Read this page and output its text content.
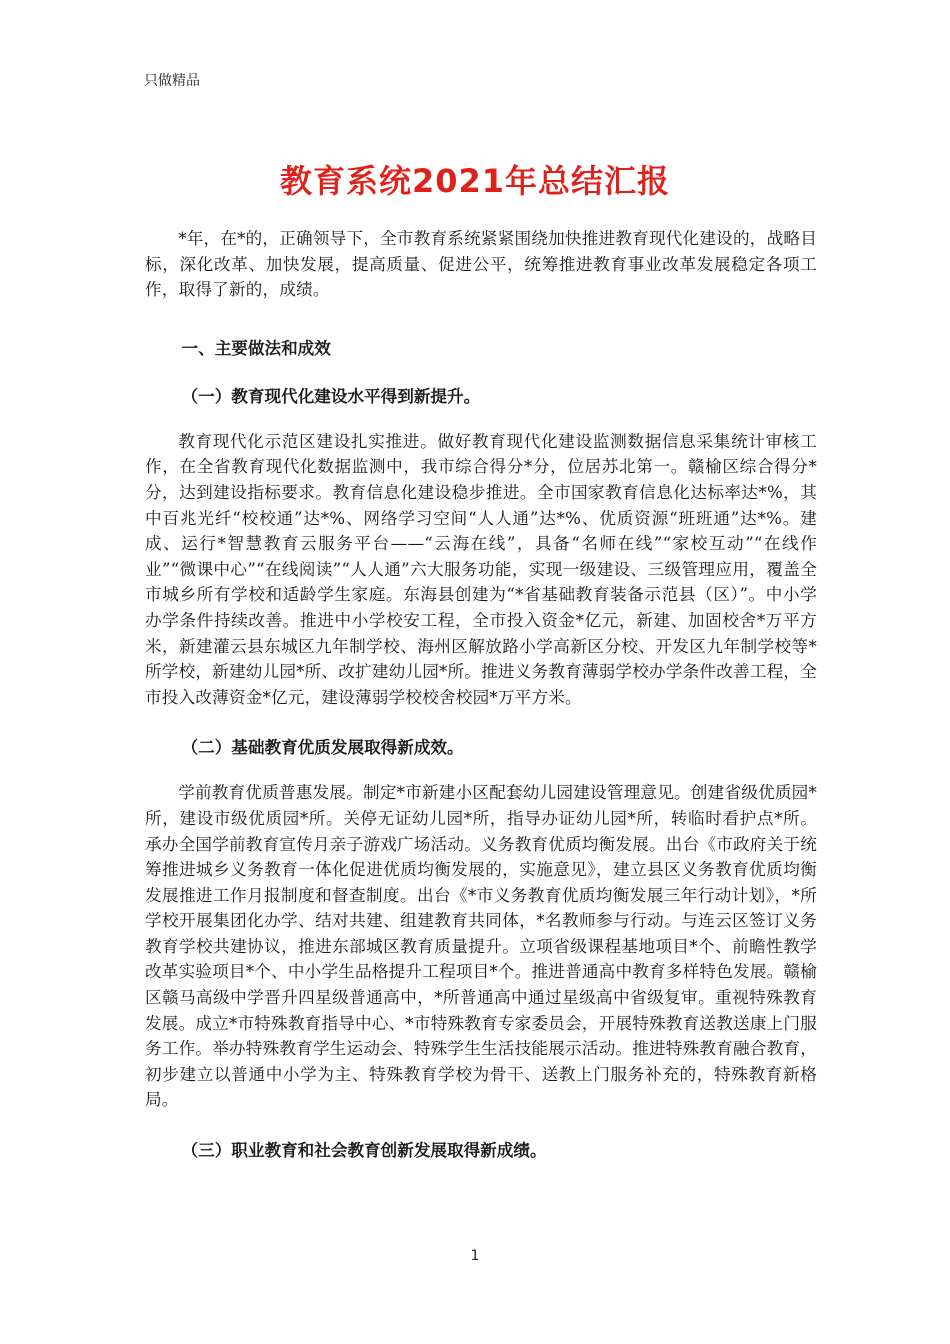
只做精品
教育系统2021年总结汇报

*年，在*的，正确领导下，全市教育系统紧紧围绕加快推进教育现代化建设的，战略目标，深化改革、加快发展，提高质量、促进公平，统筹推进教育事业改革发展稳定各项工作，取得了新的，成绩。

一、主要做法和成效

（一）教育现代化建设水平得到新提升。

教育现代化示范区建设扎实推进。做好教育现代化建设监测数据信息采集统计审核工作，在全省教育现代化数据监测中，我市综合得分*分，位居苏北第一。赣榆区综合得分*分，达到建设指标要求。教育信息化建设稳步推进。全市国家教育信息化达标率达*%，其中百兆光纤“校校通”达*%、网络学习空间“人人通”达*%、优质资源“班班通”达*%。建成、运行*智慧教育云服务平台——“云海在线”，具备“名师在线”“家校互动”“在线作业”“微课中心”“在线阅读”“人人通”六大服务功能，实现一级建设、三级管理应用，覆盖全市城乡所有学校和适龄学生家庭。东海县创建为“*省基础教育装备示范县（区）”。中小学办学条件持续改善。推进中小学校安工程，全市投入资金*亿元，新建、加固校舍*万平方米，新建灌云县东城区九年制学校、海州区解放路小学高新区分校、开发区九年制学校等*所学校，新建幼儿园*所、改扩建幼儿园*所。推进义务教育薄弱学校办学条件改善工程，全市投入改薄资金*亿元，建设薄弱学校校舍校园*万平方米。

（二）基础教育优质发展取得新成效。

学前教育优质普惠发展。制定*市新建小区配套幼儿园建设管理意见。创建省级优质园*所，建设市级优质园*所。关停无证幼儿园*所，指导办证幼儿园*所，转临时看护点*所。承办全国学前教育宣传月亲子游戏广场活动。义务教育优质均衡发展。出台《市政府关于统筹推进城乡义务教育一体化促进优质均衡发展的，实施意见》，建立县区义务教育优质均衡发展推进工作月报制度和督查制度。出台《*市义务教育优质均衡发展三年行动计划》，*所学校开展集团化办学、结对共建、组建教育共同体，*名教师参与行动。与连云区签订义务教育学校共建协议，推进东部城区教育质量提升。立项省级课程基地项目*个、前瞻性教学改革实验项目*个、中小学生品格提升工程项目*个。推进普通高中教育多样特色发展。赣榆区赣马高级中学晋升四星级普通高中，*所普通高中通过星级高中省级复审。重视特殊教育发展。成立*市特殊教育指导中心、*市特殊教育专家委员会，开展特殊教育送教送康上门服务工作。举办特殊教育学生运动会、特殊学生生活技能展示活动。推进特殊教育融合教育，初步建立以普通中小学为主、特殊教育学校为骨干、送教上门服务补充的，特殊教育新格局。

（三）职业教育和社会教育创新发展取得新成绩。

1
